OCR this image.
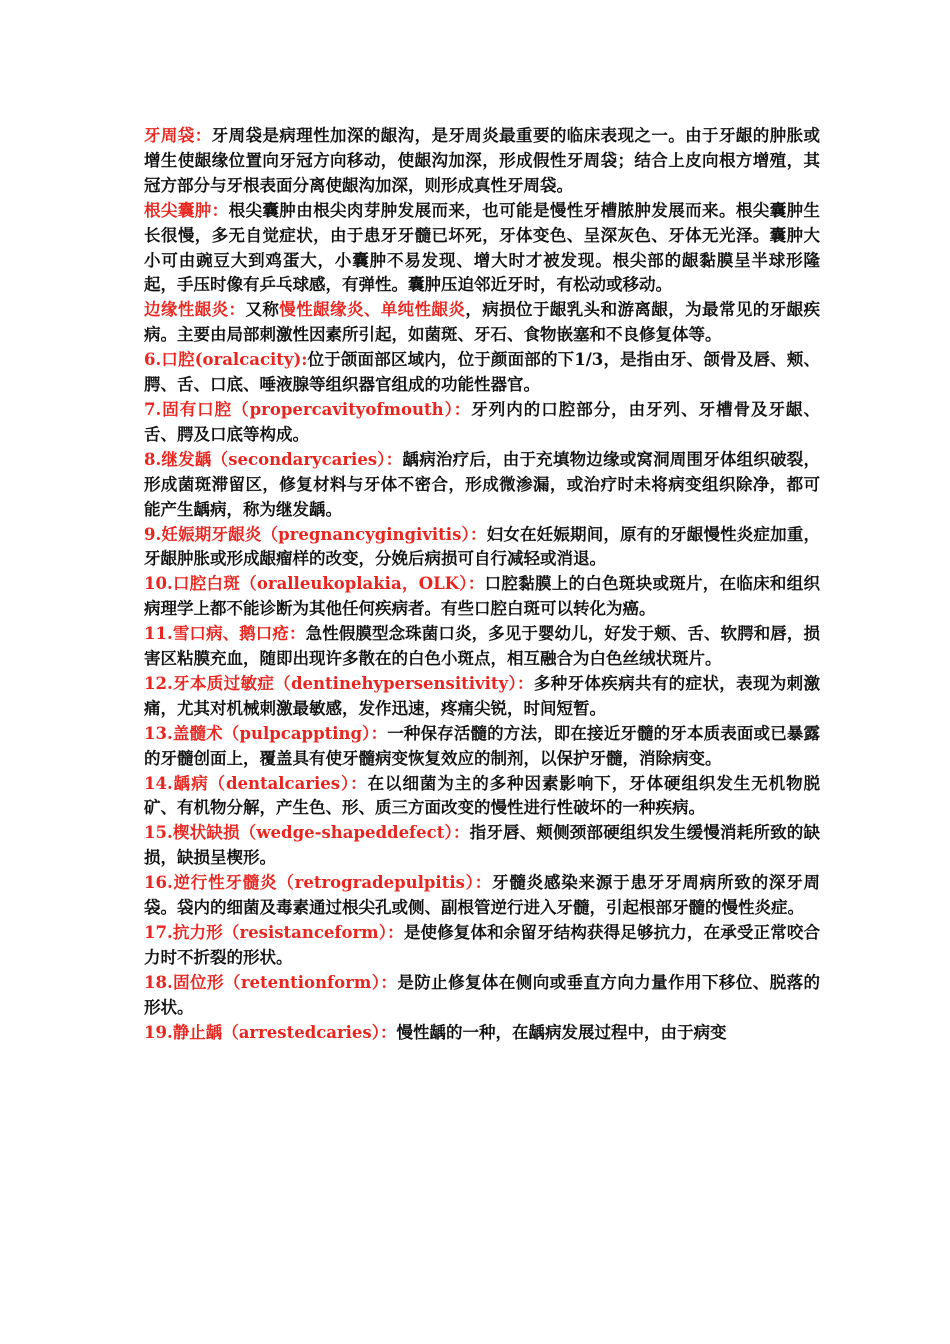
牙周袋：牙周袋是病理性加深的龈沟，是牙周炎最重要的临床表现之一。由于牙龈的肿胀或增生使龈缘位置向牙冠方向移动，使龈沟加深，形成假性牙周袋；结合上皮向根方增殖，其冠方部分与牙根表面分离使龈沟加深，则形成真性牙周袋。

根尖囊肿：根尖囊肿由根尖肉芽肿发展而来，也可能是慢性牙槽脓肿发展而来。根尖囊肿生长很慢，多无自觉症状，由于患牙牙髓已坏死，牙体变色、呈深灰色、牙体无光泽。囊肿大小可由豌豆大到鸡蛋大，小囊肿不易发现、增大时才被发现。根尖部的龈黏膜呈半球形隆起，手压时像有乒乓球感，有弹性。囊肿压迫邻近牙时，有松动或移动。

边缘性龈炎：又称慢性龈缘炎、单纯性龈炎，病损位于龈乳头和游离龈，为最常见的牙龈疾病。主要由局部刺激性因素所引起，如菌斑、牙石、食物嵌塞和不良修复体等。

6.口腔(oralcacity):位于颌面部区域内，位于颜面部的下1/3，是指由牙、颌骨及唇、颊、腭、舌、口底、唾液腺等组织器官组成的功能性器官。

7.固有口腔（propercavityofmouth）：牙列内的口腔部分，由牙列、牙槽骨及牙龈、舌、腭及口底等构成。

8.继发龋（secondarycaries）：龋病治疗后，由于充填物边缘或窝洞周围牙体组织破裂，形成菌斑滞留区，修复材料与牙体不密合，形成微渗漏，或治疗时未将病变组织除净，都可能产生龋病，称为继发龋。

9.妊娠期牙龈炎（pregnancygingivitis）：妇女在妊娠期间，原有的牙龈慢性炎症加重，牙龈肿胀或形成龈瘤样的改变，分娩后病损可自行减轻或消退。

10.口腔白斑（oralleukoplakia，OLK）：口腔黏膜上的白色斑块或斑片，在临床和组织病理学上都不能诊断为其他任何疾病者。有些口腔白斑可以转化为癌。

11.雪口病、鹅口疮：急性假膜型念珠菌口炎，多见于婴幼儿，好发于颊、舌、软腭和唇，损害区粘膜充血，随即出现许多散在的白色小斑点，相互融合为白色丝绒状斑片。

12.牙本质过敏症（dentinehypersensitivity）：多种牙体疾病共有的症状，表现为刺激痛，尤其对机械刺激最敏感，发作迅速，疼痛尖锐，时间短暂。

13.盖髓术（pulpcappting）：一种保存活髓的方法，即在接近牙髓的牙本质表面或已暴露的牙髓创面上，覆盖具有使牙髓病变恢复效应的制剂，以保护牙髓，消除病变。

14.龋病（dentalcaries）：在以细菌为主的多种因素影响下，牙体硬组织发生无机物脱矿、有机物分解，产生色、形、质三方面改变的慢性进行性破坏的一种疾病。

15.楔状缺损（wedge-shapeddefect）：指牙唇、颊侧颈部硬组织发生缓慢消耗所致的缺损，缺损呈楔形。

16.逆行性牙髓炎（retrogradepulpitis）：牙髓炎感染来源于患牙牙周病所致的深牙周袋。袋内的细菌及毒素通过根尖孔或侧、副根管逆行进入牙髓，引起根部牙髓的慢性炎症。

17.抗力形（resistanceform）：是使修复体和余留牙结构获得足够抗力，在承受正常咬合力时不折裂的形状。

18.固位形（retentionform）：是防止修复体在侧向或垂直方向力量作用下移位、脱落的形状。

19.静止龋（arrestedcaries）：慢性龋的一种，在龋病发展过程中，由于病变
